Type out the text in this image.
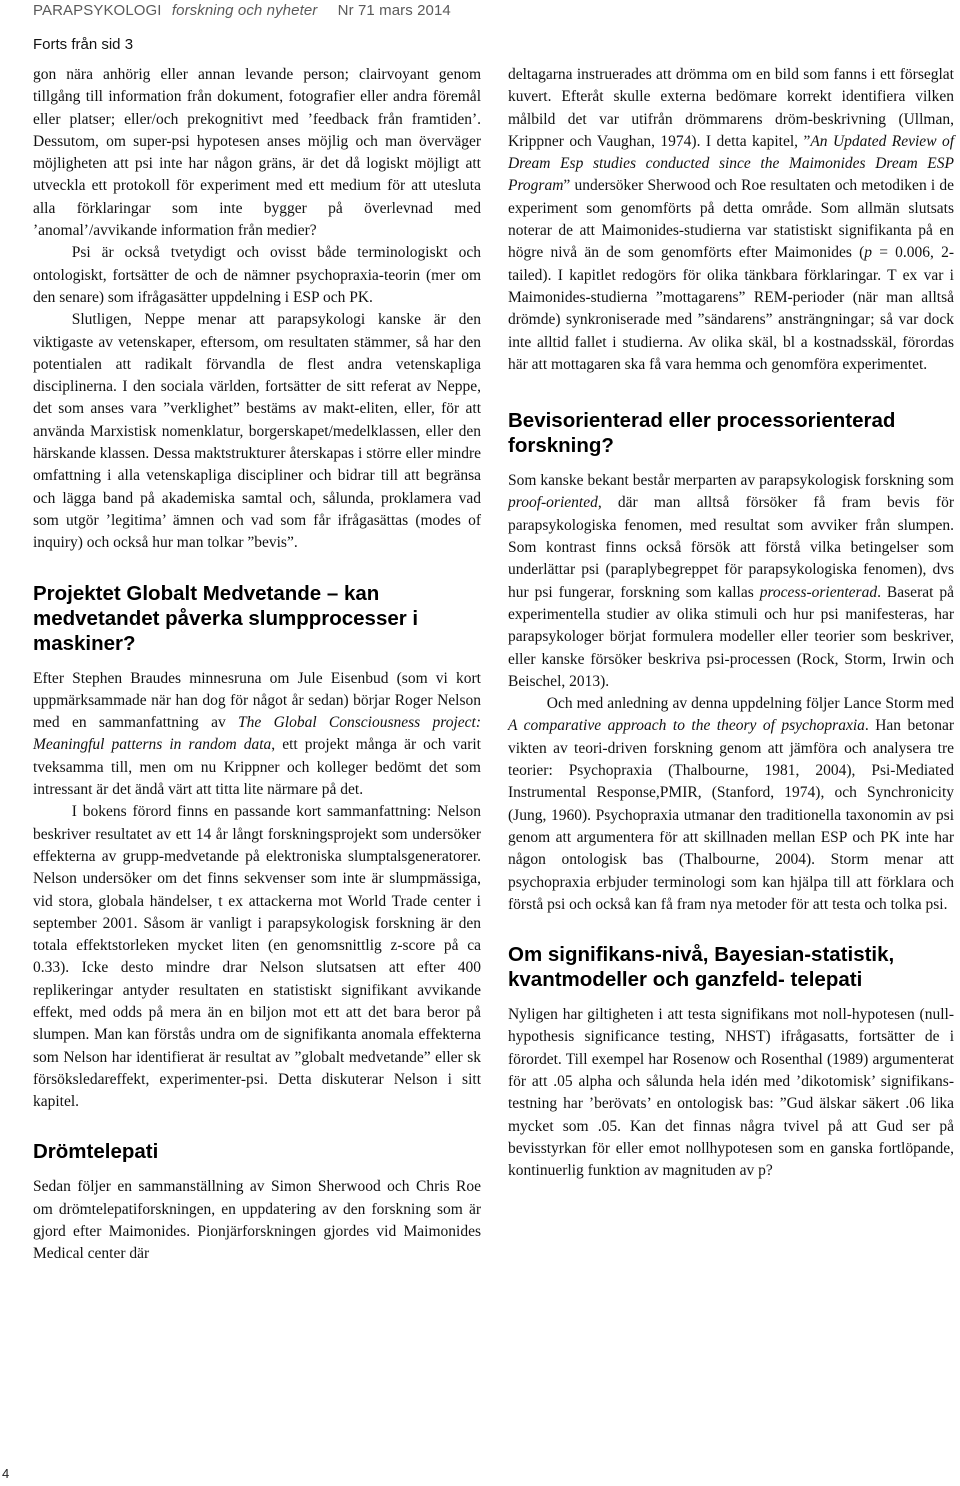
PARAPSYKOLOGI forskning och nyheter Nr 71 mars 2014
Forts från sid 3

gon nära anhörig eller annan levande person; clairvoyant genom tillgång till information från dokument, fotografier eller andra föremål eller platser; eller/och prekognitivt med ’feedback från framtiden’. Dessutom, om super-psi hypotesen anses möjlig och man överväger möjligheten att psi inte har någon gräns, är det då logiskt möjligt att utveckla ett protokoll för experiment med ett medium för att utesluta alla förklaringar som inte bygger på överlevnad med ’anomal’/avvikande information från medier?

Psi är också tvetydigt och ovisst både terminologiskt och ontologiskt, fortsätter de och de nämner psychopraxia-teorin (mer om den senare) som ifrågasätter uppdelning i ESP och PK.

Slutligen, Neppe menar att parapsykologi kanske är den viktigaste av vetenskaper, eftersom, om resultaten stämmer, så har den potentialen att radikalt förvandla de flest andra vetenskapliga disciplinerna. I den sociala världen, fortsätter de sitt referat av Neppe, det som anses vara ”verklighet” bestäms av makt-eliten, eller, för att använda Marxistisk nomenklatur, borgerskapet/medelklassen, eller den härskande klassen. Dessa maktstrukturer återskapas i större eller mindre omfattning i alla vetenskapliga discipliner och bidrar till att begränsa och lägga band på akademiska samtal och, sålunda, proklamera vad som utgör ’legitima’ ämnen och vad som får ifrågasättas (modes of inquiry) och också hur man tolkar ”bevis”.

Projektet Globalt Medvetande – kan medvetandet påverka slumpprocesser i maskiner?

Efter Stephen Braudes minnesruna om Jule Eisenbud (som vi kort uppmärksammade när han dog för något år sedan) börjar Roger Nelson med en sammanfattning av The Global Consciousness project: Meaningful patterns in random data, ett projekt många är och varit tveksamma till, men om nu Krippner och kolleger bedömt det som intressant är det ändå värt att titta lite närmare på det.

I bokens förord finns en passande kort sammanfattning: Nelson beskriver resultatet av ett 14 år långt forskningsprojekt som undersöker effekterna av grupp-medvetande på elektroniska slumptalsgeneratorer. Nelson undersöker om det finns sekvenser som inte är slumpmässiga, vid stora, globala händelser, t ex attackerna mot World Trade center i september 2001. Såsom är vanligt i parapsykologisk forskning är den totala effektstorleken mycket liten (en genomsnittlig z-score på ca 0.33). Icke desto mindre drar Nelson slutsatsen att efter 400 replikeringar antyder resultaten en statistiskt signifikant avvikande effekt, med odds på mera än en biljon mot ett att det bara beror på slumpen. Man kan förstås undra om de signifikanta anomala effekterna som Nelson har identifierat är resultat av ”globalt medvetande” eller sk försöksledareffekt, experimenter-psi. Detta diskuterar Nelson i sitt kapitel.

Drömtelepati

Sedan följer en sammanställning av Simon Sherwood och Chris Roe om drömtelepatiforskningen, en uppdatering av den forskning som är gjord efter Maimonides. Pionjärforskningen gjordes vid Maimonides Medical center där

deltagarna instruerades att drömma om en bild som fanns i ett förseglat kuvert. Efteråt skulle externa bedömare korrekt identifiera vilken målbild det var utifrån drömmarens dröm-beskrivning (Ullman, Krippner och Vaughan, 1974). I detta kapitel, ”An Updated Review of Dream Esp studies conducted since the Maimonides Dream ESP Program” undersöker Sherwood och Roe resultaten och metodiken i de experiment som genomförts på detta område. Som allmän slutsats noterar de att Maimonides-studierna var statistiskt signifikanta på en högre nivå än de som genomförts efter Maimonides (p = 0.006, 2-tailed). I kapitlet redogörs för olika tänkbara förklaringar. T ex var i Maimonides-studierna ”mottagarens” REM-perioder (när man alltså drömde) synkroniserade med ”sändarens” ansträngningar; så var dock inte alltid fallet i studierna. Av olika skäl, bl a kostnadsskäl, förordas här att mottagaren ska få vara hemma och genomföra experimentet.

Bevisorienterad eller processorienterad forskning?

Som kanske bekant består merparten av parapsykologisk forskning som proof-oriented, där man alltså försöker få fram bevis för parapsykologiska fenomen, med resultat som avviker från slumpen. Som kontrast finns också försök att förstå vilka betingelser som underlättar psi (paraplybegreppet för parapsykologiska fenomen), dvs hur psi fungerar, forskning som kallas process-orienterad. Baserat på experimentella studier av olika stimuli och hur psi manifesteras, har parapsykologer börjat formulera modeller eller teorier som beskriver, eller kanske försöker beskriva psi-processen (Rock, Storm, Irwin och Beischel, 2013).

Och med anledning av denna uppdelning följer Lance Storm med A comparative approach to the theory of psychopraxia. Han betonar vikten av teori-driven forskning genom att jämföra och analysera tre teorier: Psychopraxia (Thalbourne, 1981, 2004), Psi-Mediated Instrumental Response,PMIR, (Stanford, 1974), och Synchronicity (Jung, 1960). Psychopraxia utmanar den traditionella taxonomin av psi genom att argumentera för att skillnaden mellan ESP och PK inte har någon ontologisk bas (Thalbourne, 2004). Storm menar att psychopraxia erbjuder terminologi som kan hjälpa till att förklara och förstå psi och också kan få fram nya metoder för att testa och tolka psi.

Om signifikans-nivå, Bayesian-statistik, kvantmodeller och ganzfeld- telepati

Nyligen har giltigheten i att testa signifikans mot noll-hypotesen (null-hypothesis significance testing, NHST) ifrågasatts, fortsätter de i förordet. Till exempel har Rosenow och Rosenthal (1989) argumenterat för att .05 alpha och sålunda hela idén med ’dikotomisk’ signifikans-testning har ’berövats’ en ontologisk bas: ”Gud älskar säkert .06 lika mycket som .05. Kan det finnas några tvivel på att Gud ser på bevisstyrkan för eller emot nollhypotesen som en ganska fortlöpande, kontinuerlig funktion av magnituden av p?

4
